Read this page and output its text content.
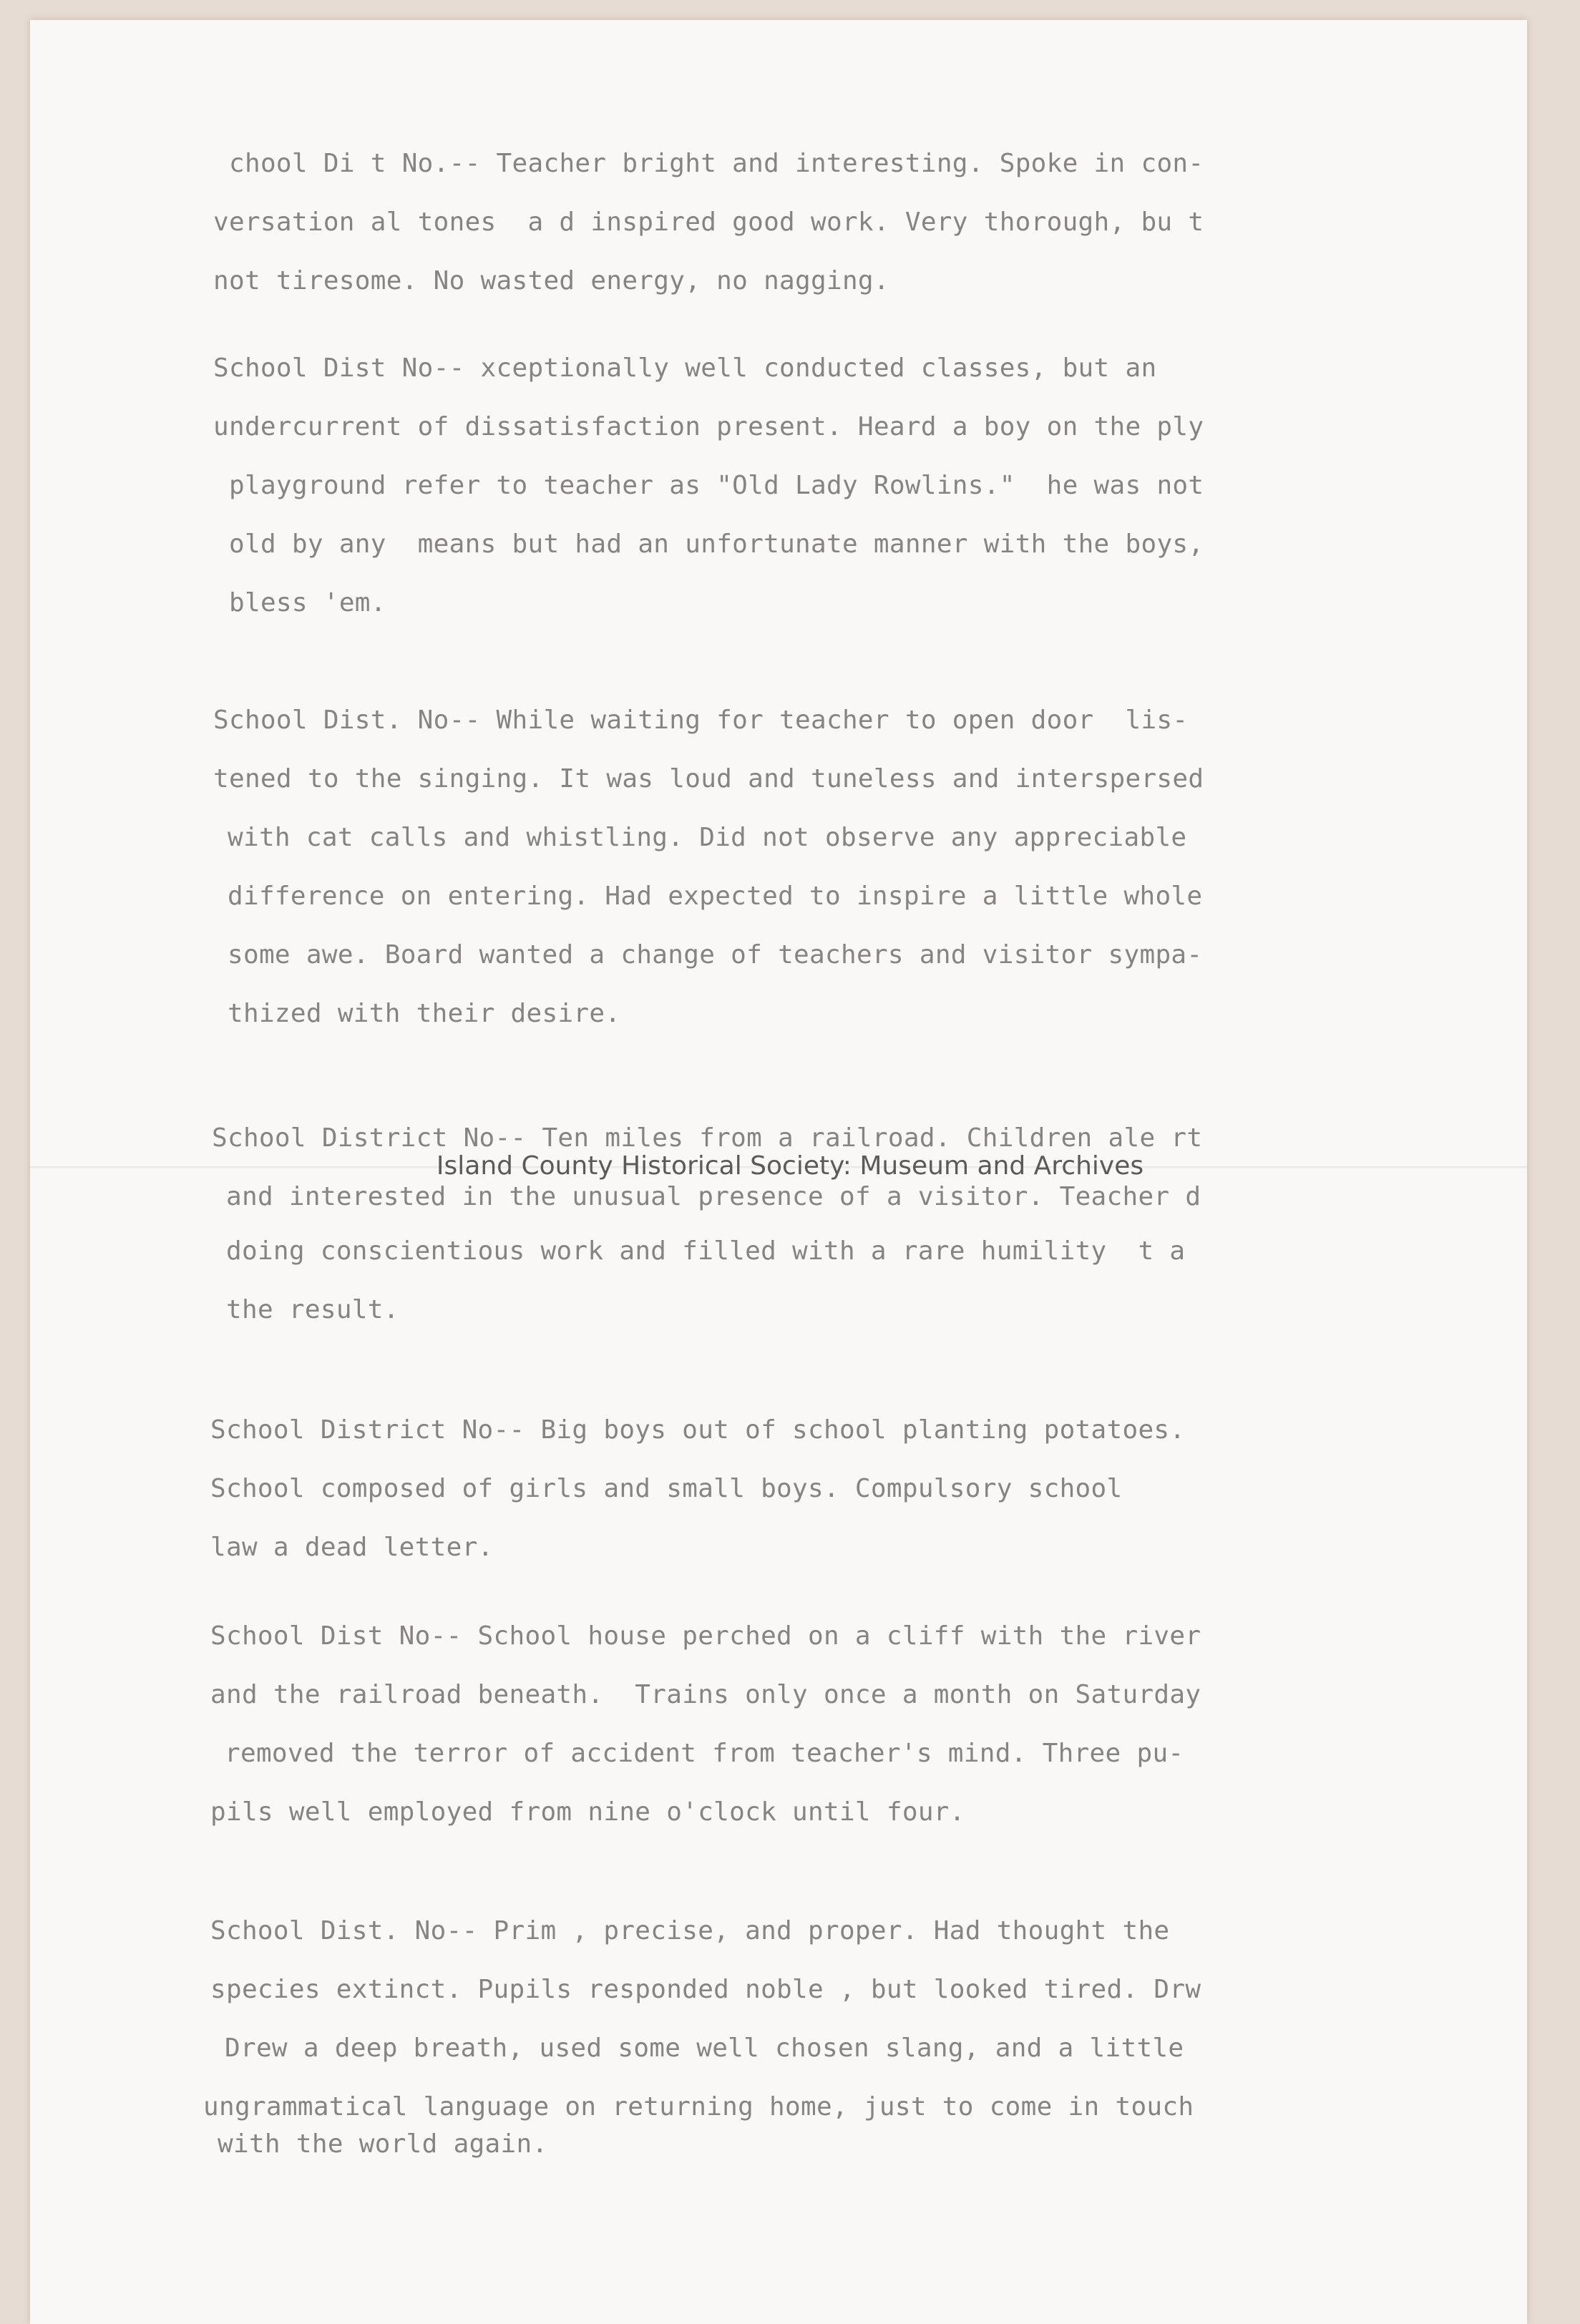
chool Di t No.-- Teacher bright and interesting. Spoke in con-
versation al tones  a d inspired good work. Very thorough, bu t
not tiresome. No wasted energy, no nagging.
School Dist No-- xceptionally well conducted classes, but an
undercurrent of dissatisfaction present. Heard a boy on the ply
playground refer to teacher as "Old Lady Rowlins."  he was not
old by any  means but had an unfortunate manner with the boys,
bless 'em.
School Dist. No-- While waiting for teacher to open door  lis-
tened to the singing. It was loud and tuneless and interspersed
with cat calls and whistling. Did not observe any appreciable
difference on entering. Had expected to inspire a little whole
some awe. Board wanted a change of teachers and visitor sympa-
thized with their desire.
School District No-- Ten miles from a railroad. Children ale rt
and interested in the unusual presence of a visitor. Teacher d
doing conscientious work and filled with a rare humility  t a
the result.
School District No-- Big boys out of school planting potatoes.
School composed of girls and small boys. Compulsory school
law a dead letter.
School Dist No-- School house perched on a cliff with the river
and the railroad beneath.  Trains only once a month on Saturday
removed the terror of accident from teacher's mind. Three pu-
pils well employed from nine o'clock until four.
School Dist. No-- Prim , precise, and proper. Had thought the
species extinct. Pupils responded noble , but looked tired. Drw
Drew a deep breath, used some well chosen slang, and a little
ungrammatical language on returning home, just to come in touch
with the world again.
Island County Historical Society: Museum and Archives
